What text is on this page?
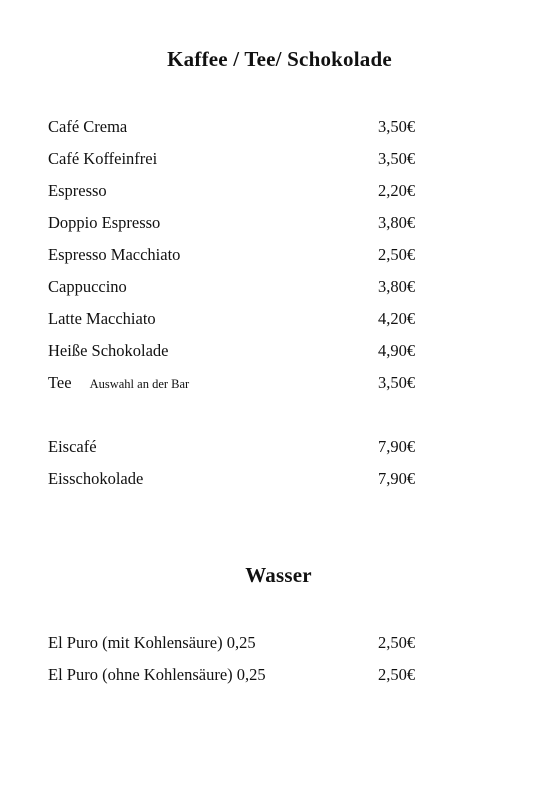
Kaffee / Tee/ Schokolade
Café Crema	3,50€
Café Koffeinfrei	3,50€
Espresso	2,20€
Doppio Espresso	3,80€
Espresso Macchiato	2,50€
Cappuccino	3,80€
Latte Macchiato	4,20€
Heiße Schokolade	4,90€
Tee Auswahl an der Bar	3,50€
Eiscafé	7,90€
Eisschokolade	7,90€
Wasser
El Puro (mit Kohlensäure) 0,25	2,50€
El Puro (ohne Kohlensäure) 0,25	2,50€
